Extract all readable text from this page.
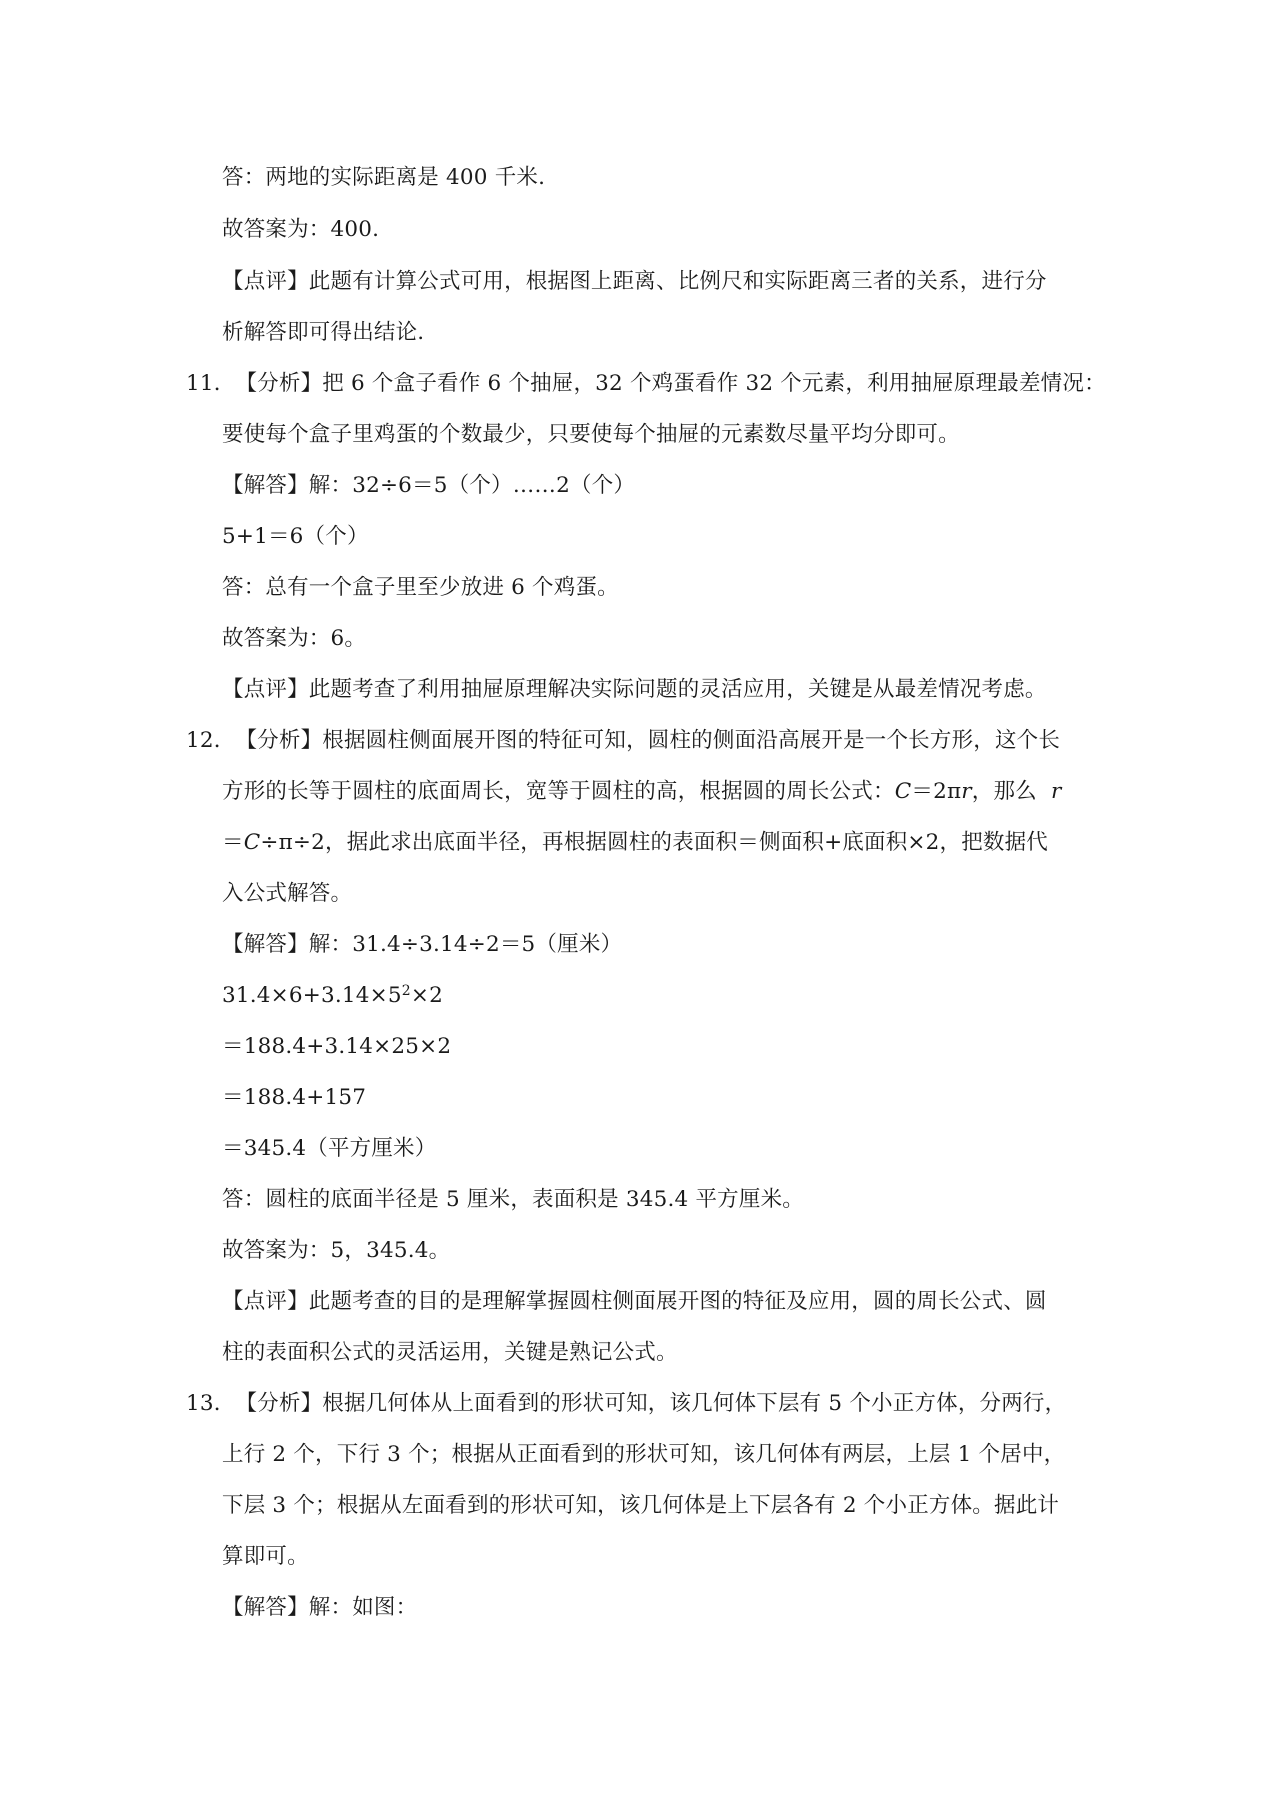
答：两地的实际距离是 400 千米.
故答案为：400.
【点评】此题有计算公式可用，根据图上距离、比例尺和实际距离三者的关系，进行分
析解答即可得出结论.
11．【分析】把 6 个盒子看作 6 个抽屉，32 个鸡蛋看作 32 个元素，利用抽屉原理最差情况：
要使每个盒子里鸡蛋的个数最少，只要使每个抽屉的元素数尽量平均分即可。
【解答】解：32÷6＝5（个）……2（个）
5+1＝6（个）
答：总有一个盒子里至少放进 6 个鸡蛋。
故答案为：6。
【点评】此题考查了利用抽屉原理解决实际问题的灵活应用，关键是从最差情况考虑。
12．【分析】根据圆柱侧面展开图的特征可知，圆柱的侧面沿高展开是一个长方形，这个长
方形的长等于圆柱的底面周长，宽等于圆柱的高，根据圆的周长公式：C＝2πr，那么 r
＝C÷π÷2，据此求出底面半径，再根据圆柱的表面积＝侧面积+底面积×2，把数据代
入公式解答。
【解答】解：31.4÷3.14÷2＝5（厘米）
$31.4\times 6+3.14\times 5^2\times 2$
＝188.4+3.14×25×2
＝188.4+157
＝345.4（平方厘米）
答：圆柱的底面半径是 5 厘米，表面积是 345.4 平方厘米。
故答案为：5，345.4。
【点评】此题考查的目的是理解掌握圆柱侧面展开图的特征及应用，圆的周长公式、圆
柱的表面积公式的灵活运用，关键是熟记公式。
13．【分析】根据几何体从上面看到的形状可知，该几何体下层有 5 个小正方体，分两行，
上行 2 个，下行 3 个；根据从正面看到的形状可知，该几何体有两层，上层 1 个居中，
下层 3 个；根据从左面看到的形状可知，该几何体是上下层各有 2 个小正方体。据此计
算即可。
【解答】解：如图：
